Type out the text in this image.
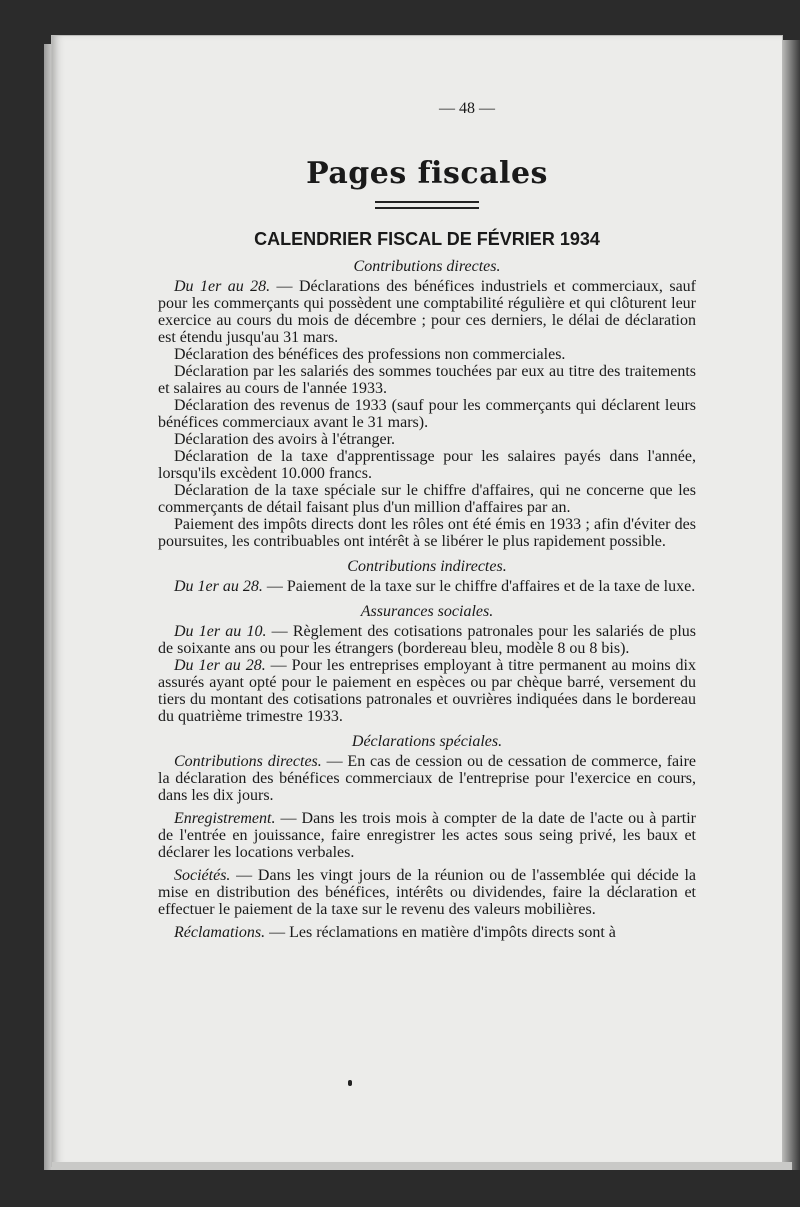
— 48 —
Pages fiscales
CALENDRIER FISCAL DE FÉVRIER 1934
Contributions directes.

Du 1er au 28. — Déclarations des bénéfices industriels et commerciaux, sauf pour les commerçants qui possèdent une comptabilité régulière et qui clôturent leur exercice au cours du mois de décembre ; pour ces derniers, le délai de déclaration est étendu jusqu'au 31 mars.

Déclaration des bénéfices des professions non commerciales.

Déclaration par les salariés des sommes touchées par eux au titre des traitements et salaires au cours de l'année 1933.

Déclaration des revenus de 1933 (sauf pour les commerçants qui déclarent leurs bénéfices commerciaux avant le 31 mars).

Déclaration des avoirs à l'étranger.

Déclaration de la taxe d'apprentissage pour les salaires payés dans l'année, lorsqu'ils excèdent 10.000 francs.

Déclaration de la taxe spéciale sur le chiffre d'affaires, qui ne concerne que les commerçants de détail faisant plus d'un million d'affaires par an.

Paiement des impôts directs dont les rôles ont été émis en 1933 ; afin d'éviter des poursuites, les contribuables ont intérêt à se libérer le plus rapidement possible.

Contributions indirectes.

Du 1er au 28. — Paiement de la taxe sur le chiffre d'affaires et de la taxe de luxe.

Assurances sociales.

Du 1er au 10. — Règlement des cotisations patronales pour les salariés de plus de soixante ans ou pour les étrangers (bordereau bleu, modèle 8 ou 8 bis).

Du 1er au 28. — Pour les entreprises employant à titre permanent au moins dix assurés ayant opté pour le paiement en espèces ou par chèque barré, versement du tiers du montant des cotisations patronales et ouvrières indiquées dans le bordereau du quatrième trimestre 1933.

Déclarations spéciales.

Contributions directes. — En cas de cession ou de cessation de commerce, faire la déclaration des bénéfices commerciaux de l'entreprise pour l'exercice en cours, dans les dix jours.

Enregistrement. — Dans les trois mois à compter de la date de l'acte ou à partir de l'entrée en jouissance, faire enregistrer les actes sous seing privé, les baux et déclarer les locations verbales.

Sociétés. — Dans les vingt jours de la réunion ou de l'assemblée qui décide la mise en distribution des bénéfices, intérêts ou dividendes, faire la déclaration et effectuer le paiement de la taxe sur le revenu des valeurs mobilières.

Réclamations. — Les réclamations en matière d'impôts directs sont à
